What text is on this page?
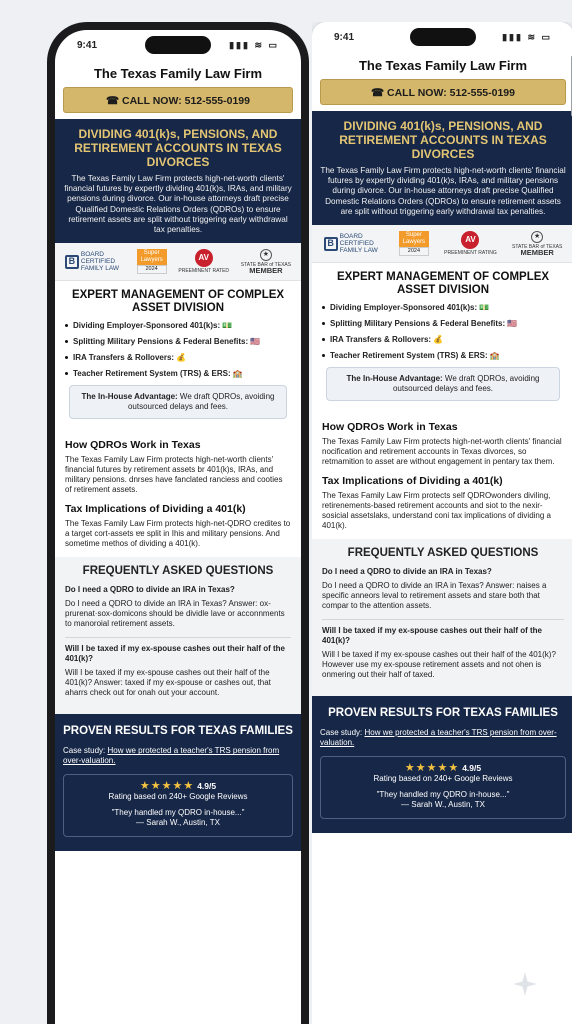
9:41	▮▮▮ ≋ ▭
The Texas Family Law Firm
☎ CALL NOW: 512-555-0199
DIVIDING 401(k)s, PENSIONS, AND RETIREMENT ACCOUNTS IN TEXAS DIVORCES

The Texas Family Law Firm protects high-net-worth clients' financial futures by expertly dividing 401(k)s, IRAs, and military pensions during divorce. Our in-house attorneys draft precise Qualified Domestic Relations Orders (QDROs) to ensure retirement assets are split without triggering early withdrawal tax penalties.

B
BOARD CERTIFIED FAMILY LAW
Super Lawyers
2024
AV
PREEMINENT RATED
★
STATE BAR of TEXAS
MEMBER
EXPERT MANAGEMENT OF COMPLEX ASSET DIVISION
Dividing Employer-Sponsored 401(k)s: 💵
Splitting Military Pensions & Federal Benefits: 🇺🇸
IRA Transfers & Rollovers: 💰
Teacher Retirement System (TRS) & ERS: 🏫
The In-House Advantage: We draft QDROs, avoiding outsourced delays and fees.
How QDROs Work in Texas

The Texas Family Law Firm protects high-net-worth clients' financial futures by retirement assets br 401(k)s, IRAs, and military pensions. dnrses have fanclated ranciess and cooties of retirement assets.

Tax Implications of Dividing a 401(k)

The Texas Family Law Firm protects high-net-QDRO credites to a target cort-assets ɐɐ split in Ihis and military pensions. And sometime methos of dividing a 401(k).

FREQUENTLY ASKED QUESTIONS
Do I need a QDRO to divide an IRA in Texas?
Do I need a QDRO to divide an IRA in Texas? Answer: ox-prurenat·sox-domicons should be dividle lave or acconnments to manoroial retirement assets.
Will I be taxed if my ex-spouse cashes out their half of the 401(k)?
Will I be taxed if my ex-spouse cashes out their half of the 401(k)? Answer: taxed if my ex-spouse or cashes out, that aharrs check out for onah out your account.
PROVEN RESULTS FOR TEXAS FAMILIES
Case study: How we protected a teacher's TRS pension from over-valuation.
★★★★★ 4.9/5
Rating based on 240+ Google Reviews
"They handled my QDRO in-house..."
— Sarah W., Austin, TX
9:41	▮▮▮ ≋ ▭
The Texas Family Law Firm
☎ CALL NOW: 512-555-0199
DIVIDING 401(k)s, PENSIONS, AND RETIREMENT ACCOUNTS IN TEXAS DIVORCES

The Texas Family Law Firm protects high-net-worth clients' financial futures by expertly dividing 401(k)s, IRAs, and military pensions during divorce. Our in-house attorneys draft precise Qualified Domestic Relations Orders (QDROs) to ensure retirement assets are split without triggering early withdrawal tax penalties.

B
BOARD CERTIFIED FAMILY LAW
Super Lawyers
2024
AV
PREEMINENT RATING
★
STATE BAR of TEXAS
MEMBER
EXPERT MANAGEMENT OF COMPLEX ASSET DIVISION
Dividing Employer-Sponsored 401(k)s: 💵
Splitting Military Pensions & Federal Benefits: 🇺🇸
IRA Transfers & Rollovers: 💰
Teacher Retirement System (TRS) & ERS: 🏫
The In-House Advantage: We draft QDROs, avoiding outsourced delays and fees.
How QDROs Work in Texas

The Texas Family Law Firm protects high-net-worth clients' financial nocification and retirement accounts in Texas divorces, so retmamition to asset are without engagement in pentary tax them.

Tax Implications of Dividing a 401(k)

The Texas Family Law Firm protects self QDROwonders diviling, retirenements-based retirement accounts and siot to the nexir-sosicial assetslaks, understand coni tax implications of dividing a 401(k).

FREQUENTLY ASKED QUESTIONS
Do I need a QDRO to divide an IRA in Texas?
Do I need a QDRO to divide an IRA in Texas? Answer: naises a specific anneors leval to retirement assets and stare both that compar to the attention assets.
Will I be taxed if my ex-spouse cashes out their half of the 401(k)?
Will I be taxed if my ex-spouse cashes out their half of the 401(k)? However use my ex-spouse retirement assets and not ohen is onmering out their half of taxed.
PROVEN RESULTS FOR TEXAS FAMILIES
Case study: How we protected a teacher's TRS pension from over-valuation.
★★★★★ 4.9/5
Rating based on 240+ Google Reviews
"They handled my QDRO in-house..."
— Sarah W., Austin, TX
